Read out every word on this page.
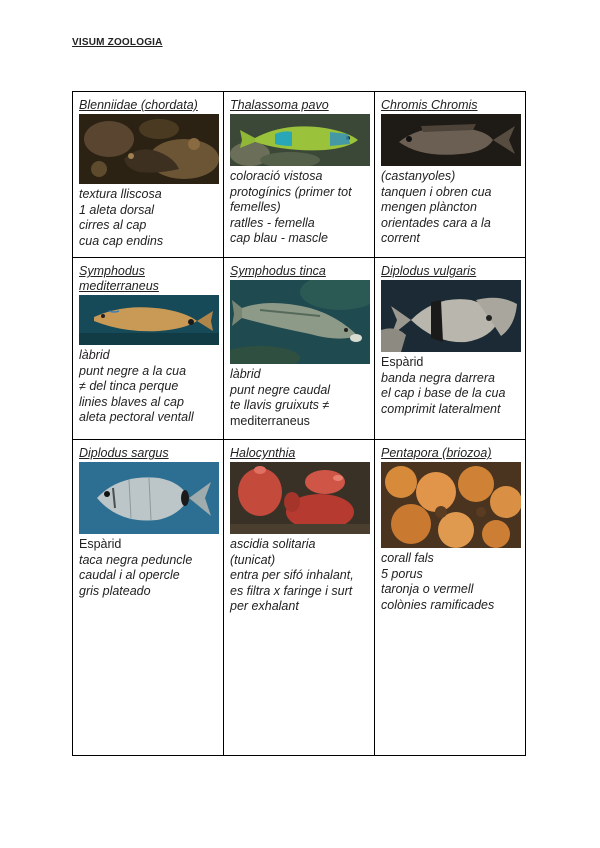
VISUM ZOOLOGIA
Blenniidae (chordata)
textura lliscosa
1 aleta dorsal
cirres al cap
cua cap endins
Thalassoma pavo
coloració vistosa
protogínics (primer tot femelles)
ratlles - femella
cap blau - mascle
Chromis Chromis
(castanyoles)
tanquen i obren cua
mengen plàncton
orientades cara a la corrent
Symphodus mediterraneus
làbrid
punt negre a la cua
≠ del tinca perque
linies blaves al cap
aleta pectoral ventall
Symphodus tinca
làbrid
punt negre caudal
te llavis gruixuts ≠
mediterraneus
Diplodus vulgaris
Espàrid
banda negra darrera
el cap i base de la cua
comprimit lateralment
Diplodus sargus
Espàrid
taca negra peduncle
caudal i al opercle
gris plateado
Halocynthia
ascidia solitaria
(tunicat)
entra per sifó inhalant, es filtra x faringe i surt per exhalant
Pentapora (briozoa)
corall fals
5 porus
taronja o vermell
colònies ramificades
